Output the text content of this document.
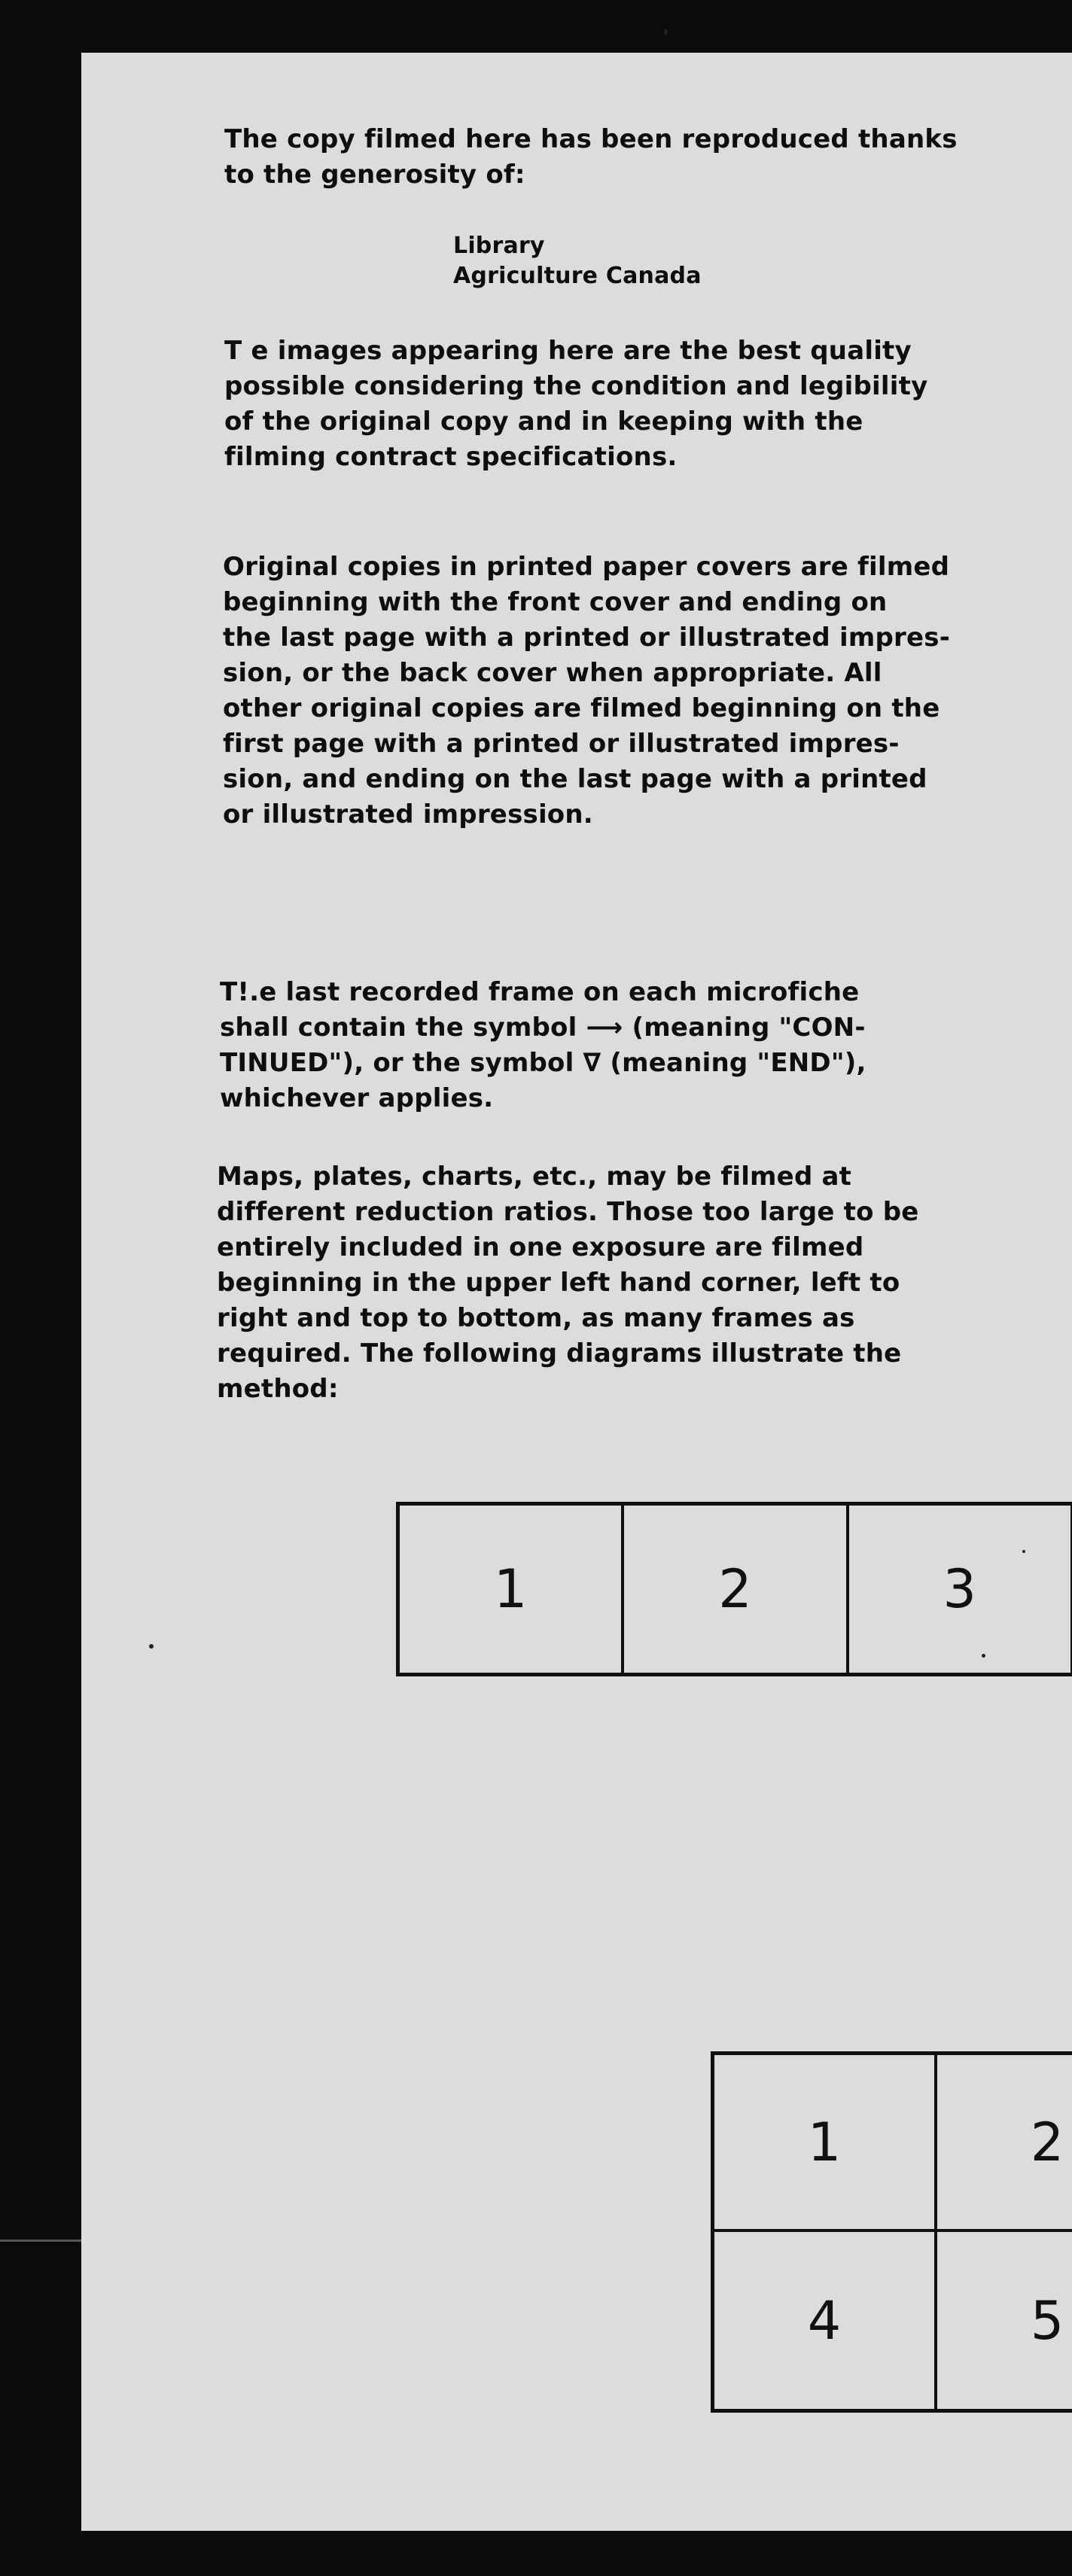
The copy filmed here has been reproduced thanks
to the generosity of:
Library
Agriculture Canada
T e images appearing here are the best quality
possible considering the condition and legibility
of the original copy and in keeping with the
filming contract specifications.
Original copies in printed paper covers are filmed
beginning with the front cover and ending on
the last page with a printed or illustrated impres-
sion, or the back cover when appropriate. All
other original copies are filmed beginning on the
first page with a printed or illustrated impres-
sion, and ending on the last page with a printed
or illustrated impression.
T!.e last recorded frame on each microfiche
shall contain the symbol ⟶ (meaning "CON-
TINUED"), or the symbol ∇ (meaning "END"),
whichever applies.
Maps, plates, charts, etc., may be filmed at
different reduction ratios. Those too large to be
entirely included in one exposure are filmed
beginning in the upper left hand corner, left to
right and top to bottom, as many frames as
required. The following diagrams illustrate the
method:
1	2	3
1	2
4	5
